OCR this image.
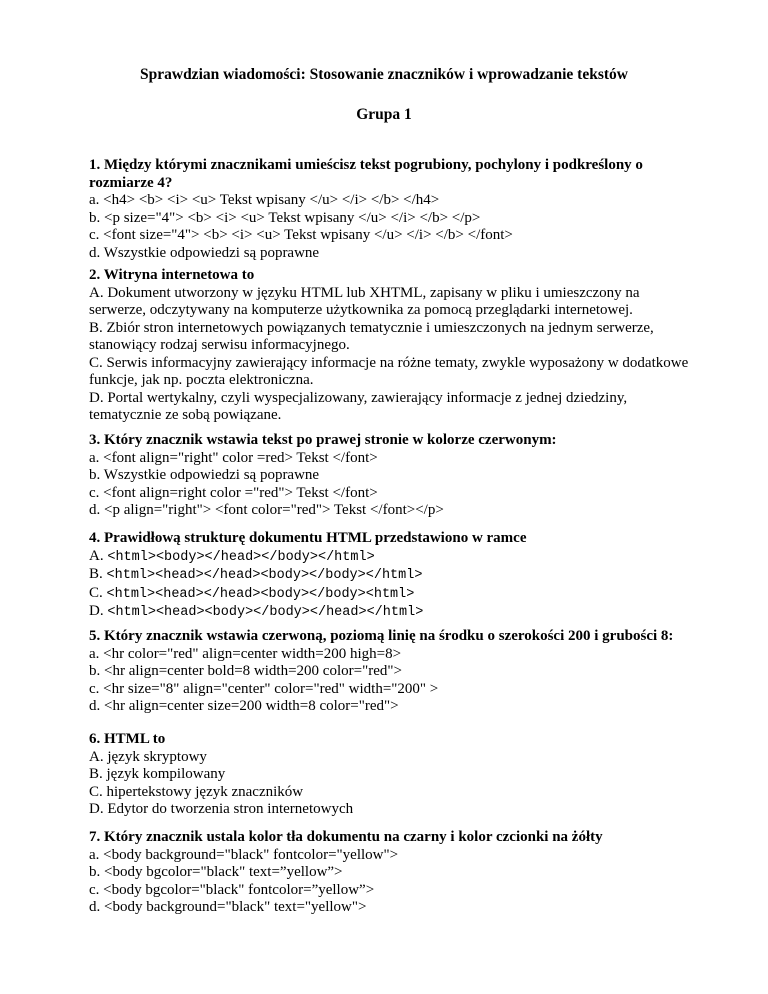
Sprawdzian wiadomości: Stosowanie znaczników i wprowadzanie tekstów

Grupa 1

1. Między którymi znacznikami umieścisz tekst pogrubiony, pochylony i podkreślony o rozmiarze 4?

a. <h4> <b> <i> <u> Tekst wpisany </u> </i> </b> </h4>

b. <p size="4"> <b> <i> <u> Tekst wpisany </u> </i> </b> </p>

c. <font size="4"> <b> <i> <u> Tekst wpisany </u> </i> </b> </font>

d. Wszystkie odpowiedzi są poprawne

2. Witryna internetowa to

A. Dokument utworzony w języku HTML lub XHTML, zapisany w pliku i umieszczony na serwerze, odczytywany na komputerze użytkownika za pomocą przeglądarki internetowej.

B. Zbiór stron internetowych powiązanych tematycznie i umieszczonych na jednym serwerze, stanowiący rodzaj serwisu informacyjnego.

C. Serwis informacyjny zawierający informacje na różne tematy, zwykle wyposażony w dodatkowe funkcje, jak np. poczta elektroniczna.

D. Portal wertykalny, czyli wyspecjalizowany, zawierający informacje z jednej dziedziny, tematycznie ze sobą powiązane.

3. Który znacznik wstawia tekst po prawej stronie w kolorze czerwonym:

a. <font align="right" color =red> Tekst </font>

b. Wszystkie odpowiedzi są poprawne

c. <font align=right color ="red"> Tekst </font>

d. <p align="right"> <font color="red"> Tekst </font></p>

4. Prawidłową strukturę dokumentu HTML przedstawiono w ramce

A. <html><body></head></body></html>

B. <html><head></head><body></body></html>

C. <html><head></head><body></body><html>

D. <html><head><body></body></head></html>

5. Który znacznik wstawia czerwoną, poziomą linię na środku o szerokości 200 i grubości 8:

a. <hr color="red" align=center width=200 high=8>

b. <hr align=center bold=8 width=200 color="red">

c. <hr size="8" align="center" color="red" width="200" >

d. <hr align=center size=200 width=8 color="red">

6. HTML to

A. język skryptowy

B. język kompilowany

C. hipertekstowy język znaczników

D. Edytor do tworzenia stron internetowych

7. Który znacznik ustala kolor tła dokumentu na czarny i kolor czcionki na żółty

a. <body background="black" fontcolor="yellow">

b. <body bgcolor="black" text=”yellow”>

c. <body bgcolor="black" fontcolor=”yellow”>

d. <body background="black" text="yellow">
